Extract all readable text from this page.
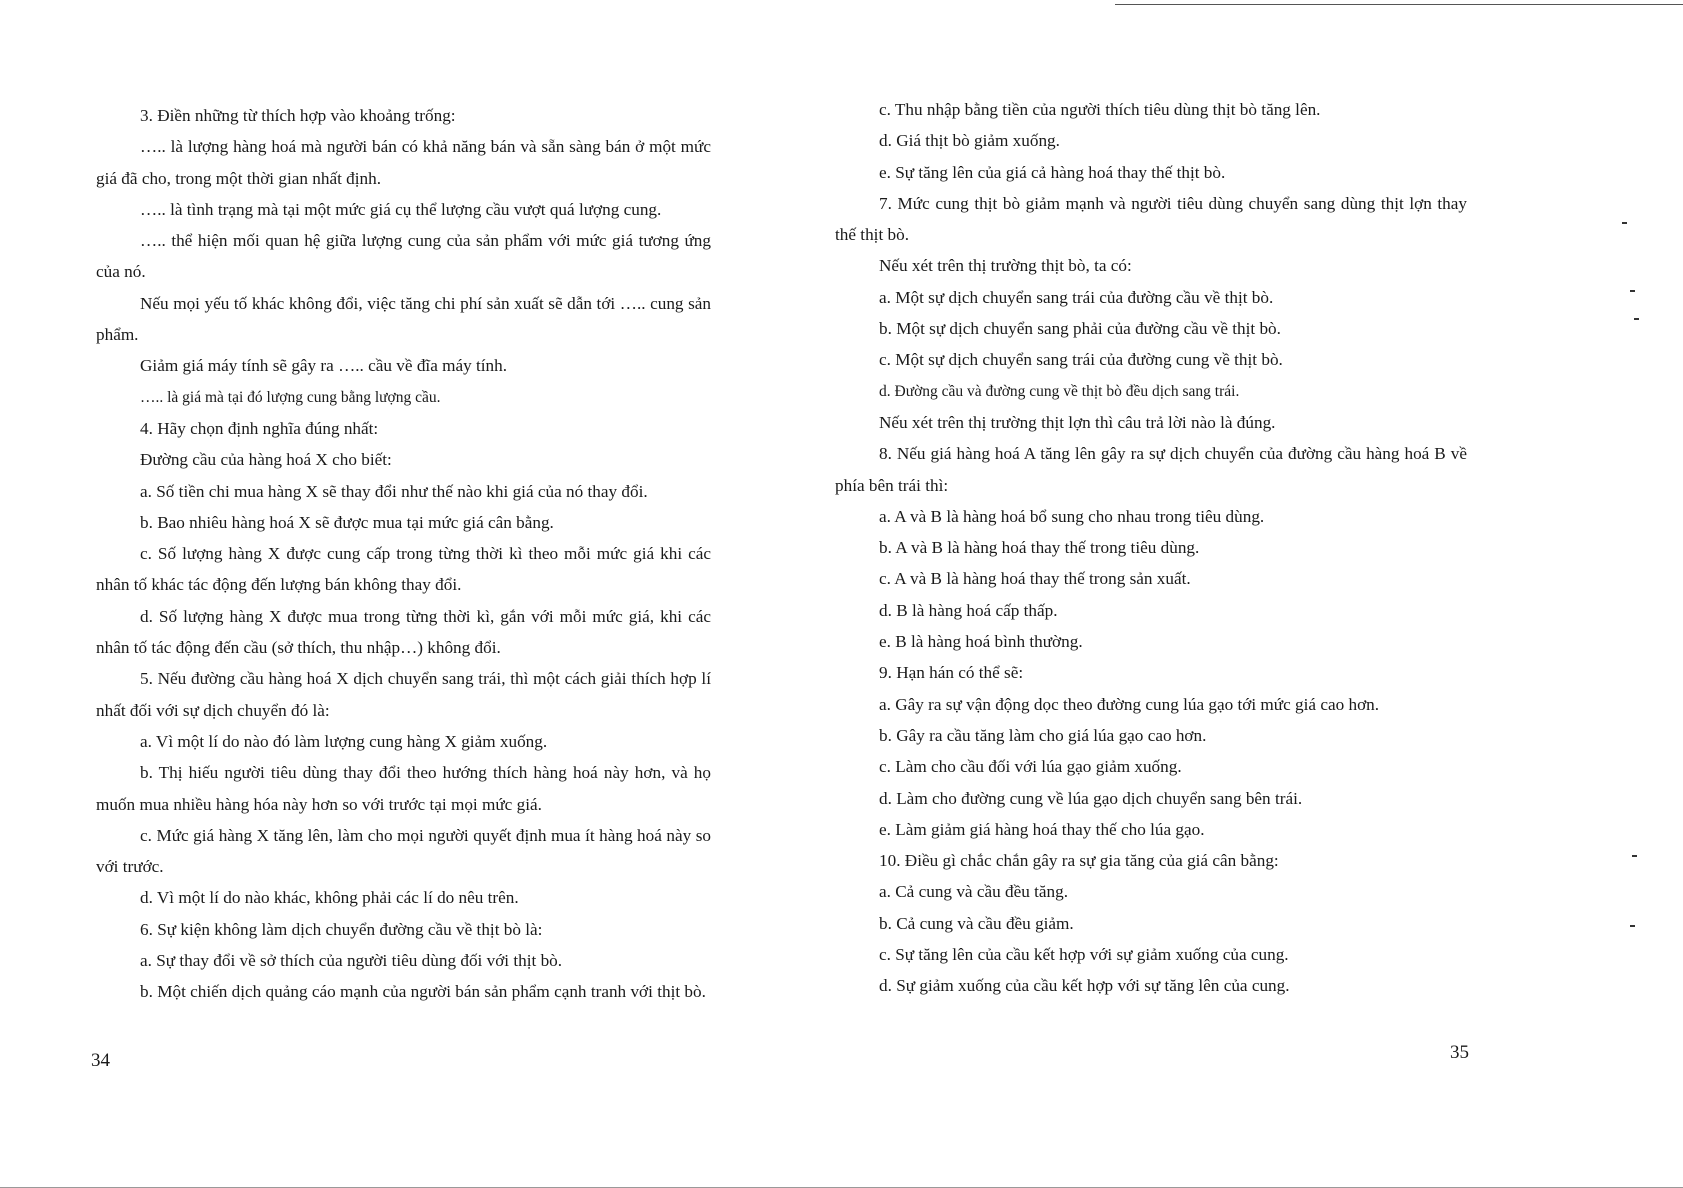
3. Điền những từ thích hợp vào khoảng trống:

….. là lượng hàng hoá mà người bán có khả năng bán và sẵn sàng bán ở một mức giá đã cho, trong một thời gian nhất định.

….. là tình trạng mà tại một mức giá cụ thể lượng cầu vượt quá lượng cung.

….. thể hiện mối quan hệ giữa lượng cung của sản phẩm với mức giá tương ứng của nó.

Nếu mọi yếu tố khác không đổi, việc tăng chi phí sản xuất sẽ dẫn tới ….. cung sản phẩm.

Giảm giá máy tính sẽ gây ra ….. cầu về đĩa máy tính.

….. là giá mà tại đó lượng cung bằng lượng cầu.

4. Hãy chọn định nghĩa đúng nhất:

Đường cầu của hàng hoá X cho biết:

a. Số tiền chi mua hàng X sẽ thay đổi như thế nào khi giá của nó thay đổi.

b. Bao nhiêu hàng hoá X sẽ được mua tại mức giá cân bằng.

c. Số lượng hàng X được cung cấp trong từng thời kì theo mỗi mức giá khi các nhân tố khác tác động đến lượng bán không thay đổi.

d. Số lượng hàng X được mua trong từng thời kì, gắn với mỗi mức giá, khi các nhân tố tác động đến cầu (sở thích, thu nhập…) không đổi.

5. Nếu đường cầu hàng hoá X dịch chuyển sang trái, thì một cách giải thích hợp lí nhất đối với sự dịch chuyển đó là:

a. Vì một lí do nào đó làm lượng cung hàng X giảm xuống.

b. Thị hiếu người tiêu dùng thay đổi theo hướng thích hàng hoá này hơn, và họ muốn mua nhiều hàng hóa này hơn so với trước tại mọi mức giá.

c. Mức giá hàng X tăng lên, làm cho mọi người quyết định mua ít hàng hoá này so với trước.

d. Vì một lí do nào khác, không phải các lí do nêu trên.

6. Sự kiện không làm dịch chuyển đường cầu về thịt bò là:

a. Sự thay đổi về sở thích của người tiêu dùng đối với thịt bò.

b. Một chiến dịch quảng cáo mạnh của người bán sản phẩm cạnh tranh với thịt bò.

34

c. Thu nhập bằng tiền của người thích tiêu dùng thịt bò tăng lên.

d. Giá thịt bò giảm xuống.

e. Sự tăng lên của giá cả hàng hoá thay thế thịt bò.

7. Mức cung thịt bò giảm mạnh và người tiêu dùng chuyển sang dùng thịt lợn thay thế thịt bò.

Nếu xét trên thị trường thịt bò, ta có:

a. Một sự dịch chuyển sang trái của đường cầu về thịt bò.

b. Một sự dịch chuyển sang phải của đường cầu về thịt bò.

c. Một sự dịch chuyển sang trái của đường cung về thịt bò.

d. Đường cầu và đường cung về thịt bò đều dịch sang trái.

Nếu xét trên thị trường thịt lợn thì câu trả lời nào là đúng.

8. Nếu giá hàng hoá A tăng lên gây ra sự dịch chuyển của đường cầu hàng hoá B về phía bên trái thì:

a. A và B là hàng hoá bổ sung cho nhau trong tiêu dùng.

b. A và B là hàng hoá thay thế trong tiêu dùng.

c. A và B là hàng hoá thay thế trong sản xuất.

d. B là hàng hoá cấp thấp.

e. B là hàng hoá bình thường.

9. Hạn hán có thể sẽ:

a. Gây ra sự vận động dọc theo đường cung lúa gạo tới mức giá cao hơn.

b. Gây ra cầu tăng làm cho giá lúa gạo cao hơn.

c. Làm cho cầu đối với lúa gạo giảm xuống.

d. Làm cho đường cung về lúa gạo dịch chuyển sang bên trái.

e. Làm giảm giá hàng hoá thay thế cho lúa gạo.

10. Điều gì chắc chắn gây ra sự gia tăng của giá cân bằng:

a. Cả cung và cầu đều tăng.

b. Cả cung và cầu đều giảm.

c. Sự tăng lên của cầu kết hợp với sự giảm xuống của cung.

d. Sự giảm xuống của cầu kết hợp với sự tăng lên của cung.

35
